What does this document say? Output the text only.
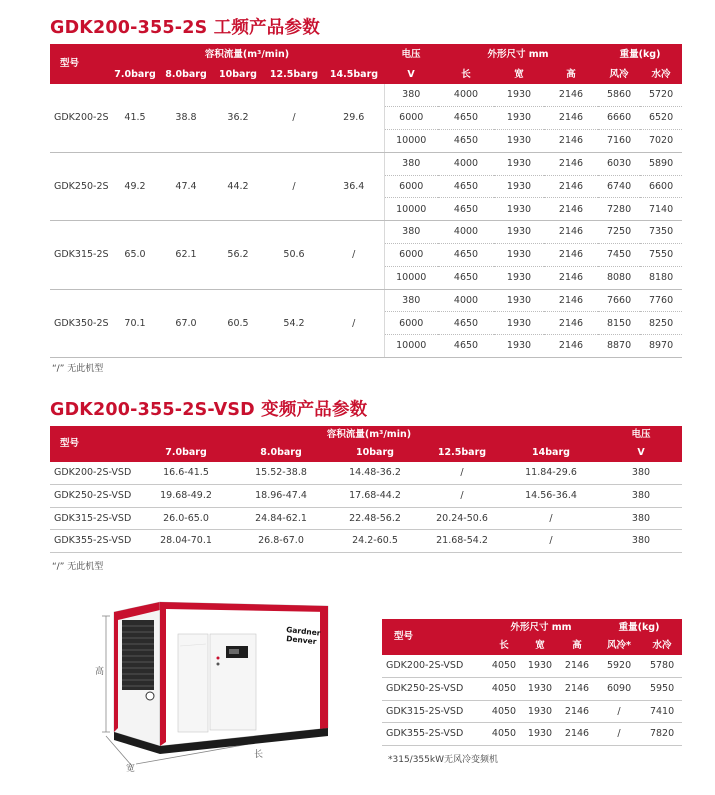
GDK200-355-2S 工频产品参数
型号	容积流量(m³/min)					电压	外形尺寸 mm			重量(kg)	
	7.0barg	8.0barg	10barg	12.5barg	14.5barg	V	长	宽	高	风冷	水冷
GDK200-2S	41.5	38.8	36.2	/	29.6	380	4000	1930	2146	5860	5720
						6000	4650	1930	2146	6660	6520
						10000	4650	1930	2146	7160	7020
GDK250-2S	49.2	47.4	44.2	/	36.4	380	4000	1930	2146	6030	5890
						6000	4650	1930	2146	6740	6600
						10000	4650	1930	2146	7280	7140
GDK315-2S	65.0	62.1	56.2	50.6	/	380	4000	1930	2146	7250	7350
						6000	4650	1930	2146	7450	7550
						10000	4650	1930	2146	8080	8180
GDK350-2S	70.1	67.0	60.5	54.2	/	380	4000	1930	2146	7660	7760
						6000	4650	1930	2146	8150	8250
						10000	4650	1930	2146	8870	8970
“/” 无此机型
GDK200-355-2S-VSD 变频产品参数
型号	容积流量(m³/min)					电压
	7.0barg	8.0barg	10barg	12.5barg	14barg	V
GDK200-2S-VSD	16.6-41.5	15.52-38.8	14.48-36.2	/	11.84-29.6	380
GDK250-2S-VSD	19.68-49.2	18.96-47.4	17.68-44.2	/	14.56-36.4	380
GDK315-2S-VSD	26.0-65.0	24.84-62.1	22.48-56.2	20.24-50.6	/	380
GDK355-2S-VSD	28.04-70.1	26.8-67.0	24.2-60.5	21.68-54.2	/	380
“/” 无此机型
高
宽
长
Gardner
Denver	型号	外形尺寸 mm			重量(kg)	
	长	宽	高	风冷*	水冷
GDK200-2S-VSD	4050	1930	2146	5920	5780
GDK250-2S-VSD	4050	1930	2146	6090	5950
GDK315-2S-VSD	4050	1930	2146	/	7410
GDK355-2S-VSD	4050	1930	2146	/	7820
*315/355kW无风冷变频机
